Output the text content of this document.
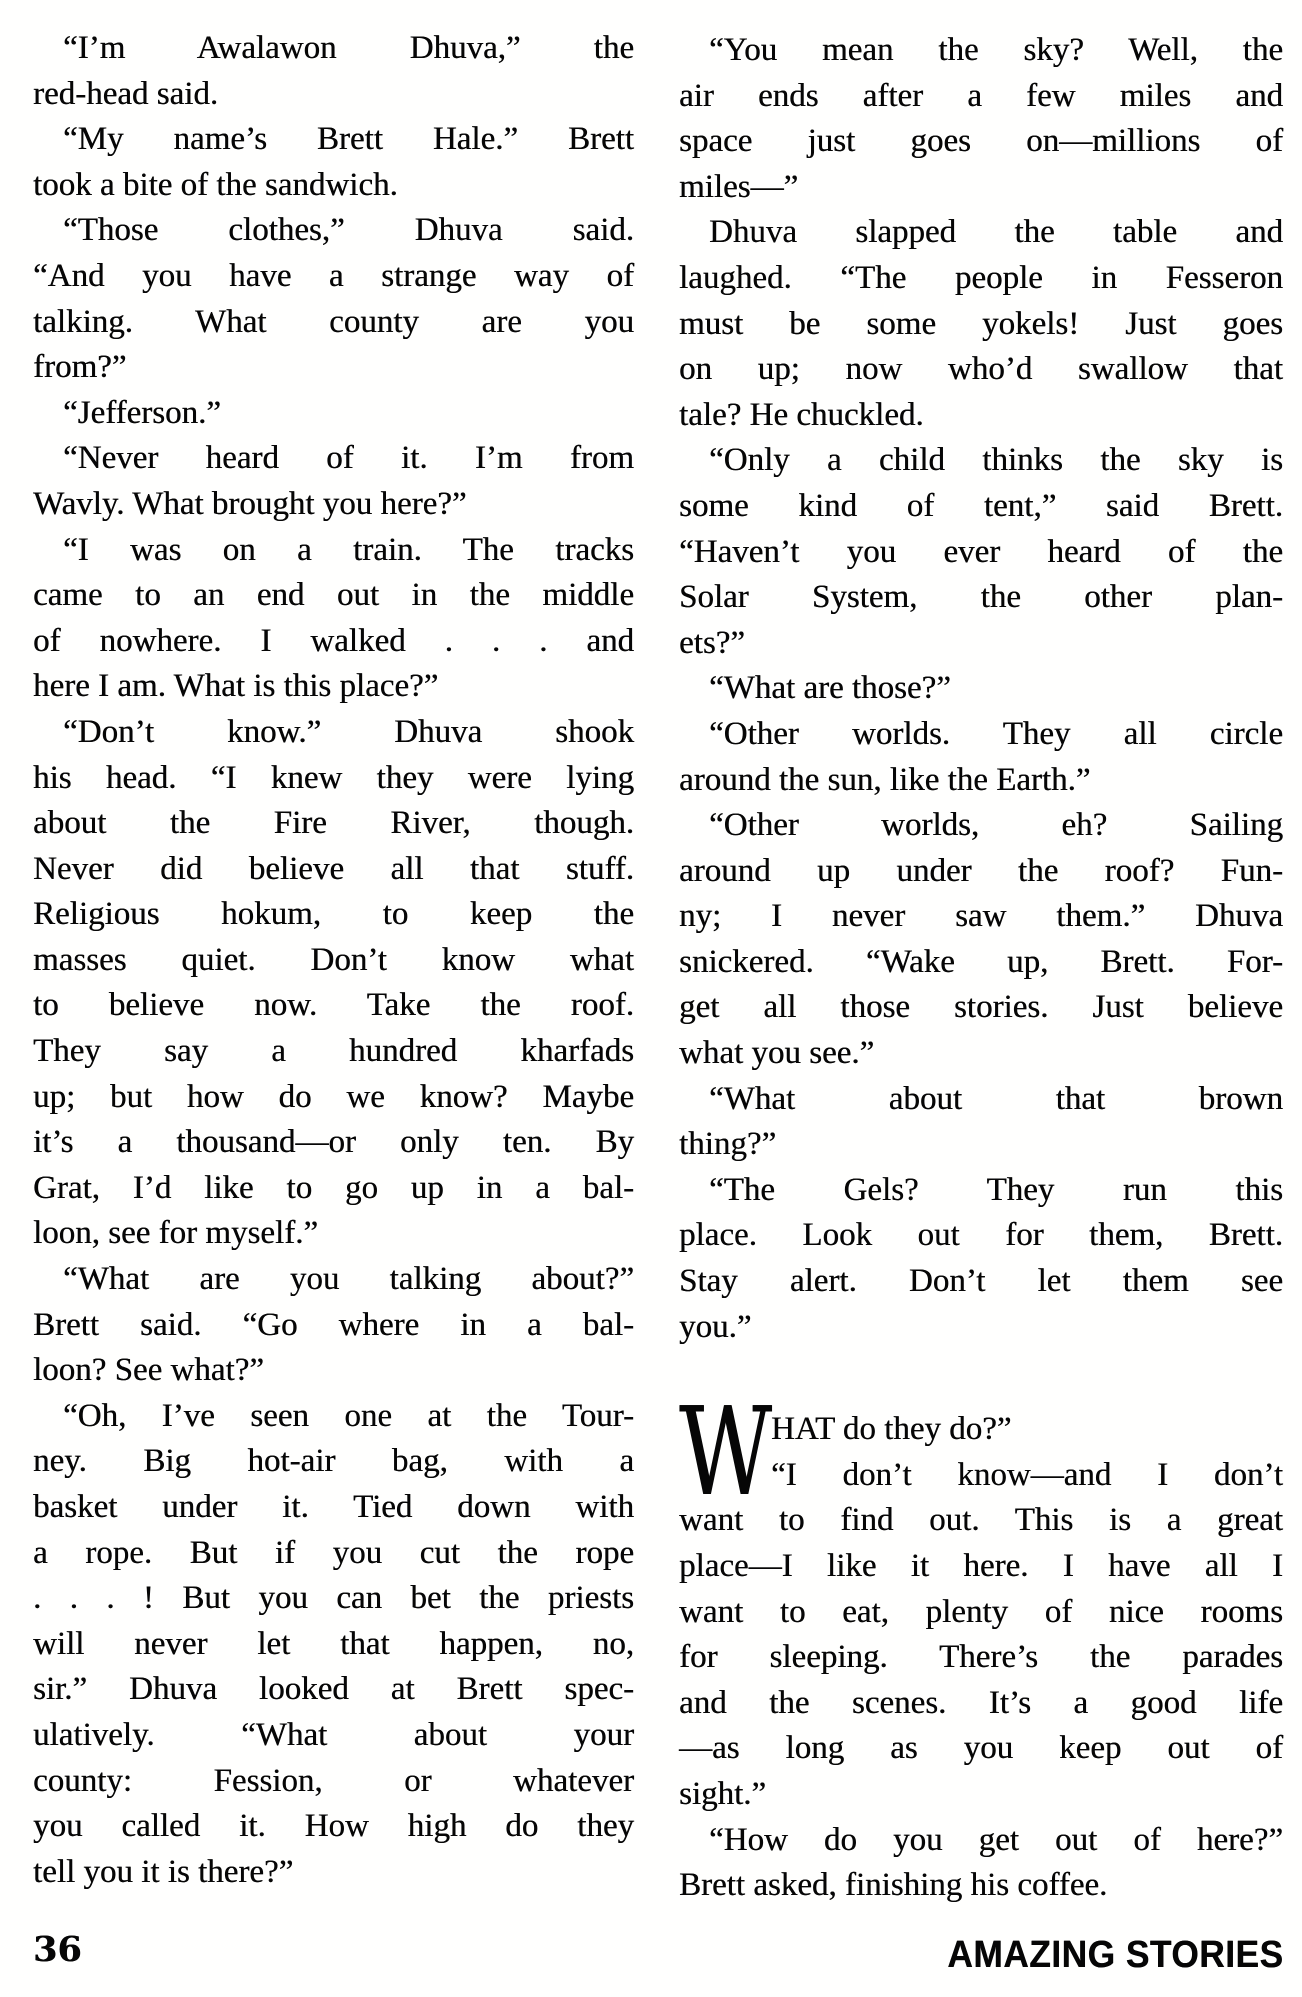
“I’m Awalawon Dhuva,” the
red-head said.
“My name’s Brett Hale.” Brett
took a bite of the sandwich.
“Those clothes,” Dhuva said.
“And you have a strange way of
talking. What county are you
from?”
“Jefferson.”
“Never heard of it. I’m from
Wavly. What brought you here?”
“I was on a train. The tracks
came to an end out in the middle
of nowhere. I walked . . . and
here I am. What is this place?”
“Don’t know.” Dhuva shook
his head. “I knew they were lying
about the Fire River, though.
Never did believe all that stuff.
Religious hokum, to keep the
masses quiet. Don’t know what
to believe now. Take the roof.
They say a hundred kharfads
up; but how do we know? Maybe
it’s a thousand—or only ten. By
Grat, I’d like to go up in a bal-
loon, see for myself.”
“What are you talking about?”
Brett said. “Go where in a bal-
loon? See what?”
“Oh, I’ve seen one at the Tour-
ney. Big hot-air bag, with a
basket under it. Tied down with
a rope. But if you cut the rope
. . . ! But you can bet the priests
will never let that happen, no,
sir.” Dhuva looked at Brett spec-
ulatively. “What about your
county: Fession, or whatever
you called it. How high do they
tell you it is there?”
“You mean the sky? Well, the
air ends after a few miles and
space just goes on—millions of
miles—”
Dhuva slapped the table and
laughed. “The people in Fesseron
must be some yokels! Just goes
on up; now who’d swallow that
tale? He chuckled.
“Only a child thinks the sky is
some kind of tent,” said Brett.
“Haven’t you ever heard of the
Solar System, the other plan-
ets?”
“What are those?”
“Other worlds. They all circle
around the sun, like the Earth.”
“Other worlds, eh? Sailing
around up under the roof? Fun-
ny; I never saw them.” Dhuva
snickered. “Wake up, Brett. For-
get all those stories. Just believe
what you see.”
“What about that brown
thing?”
“The Gels? They run this
place. Look out for them, Brett.
Stay alert. Don’t let them see
you.”
W HAT do they do?”
“I don’t know—and I don’t
want to find out. This is a great
place—I like it here. I have all I
want to eat, plenty of nice rooms
for sleeping. There’s the parades
and the scenes. It’s a good life
—as long as you keep out of
sight.”
“How do you get out of here?”
Brett asked, finishing his coffee.
36	AMAZING STORIES
